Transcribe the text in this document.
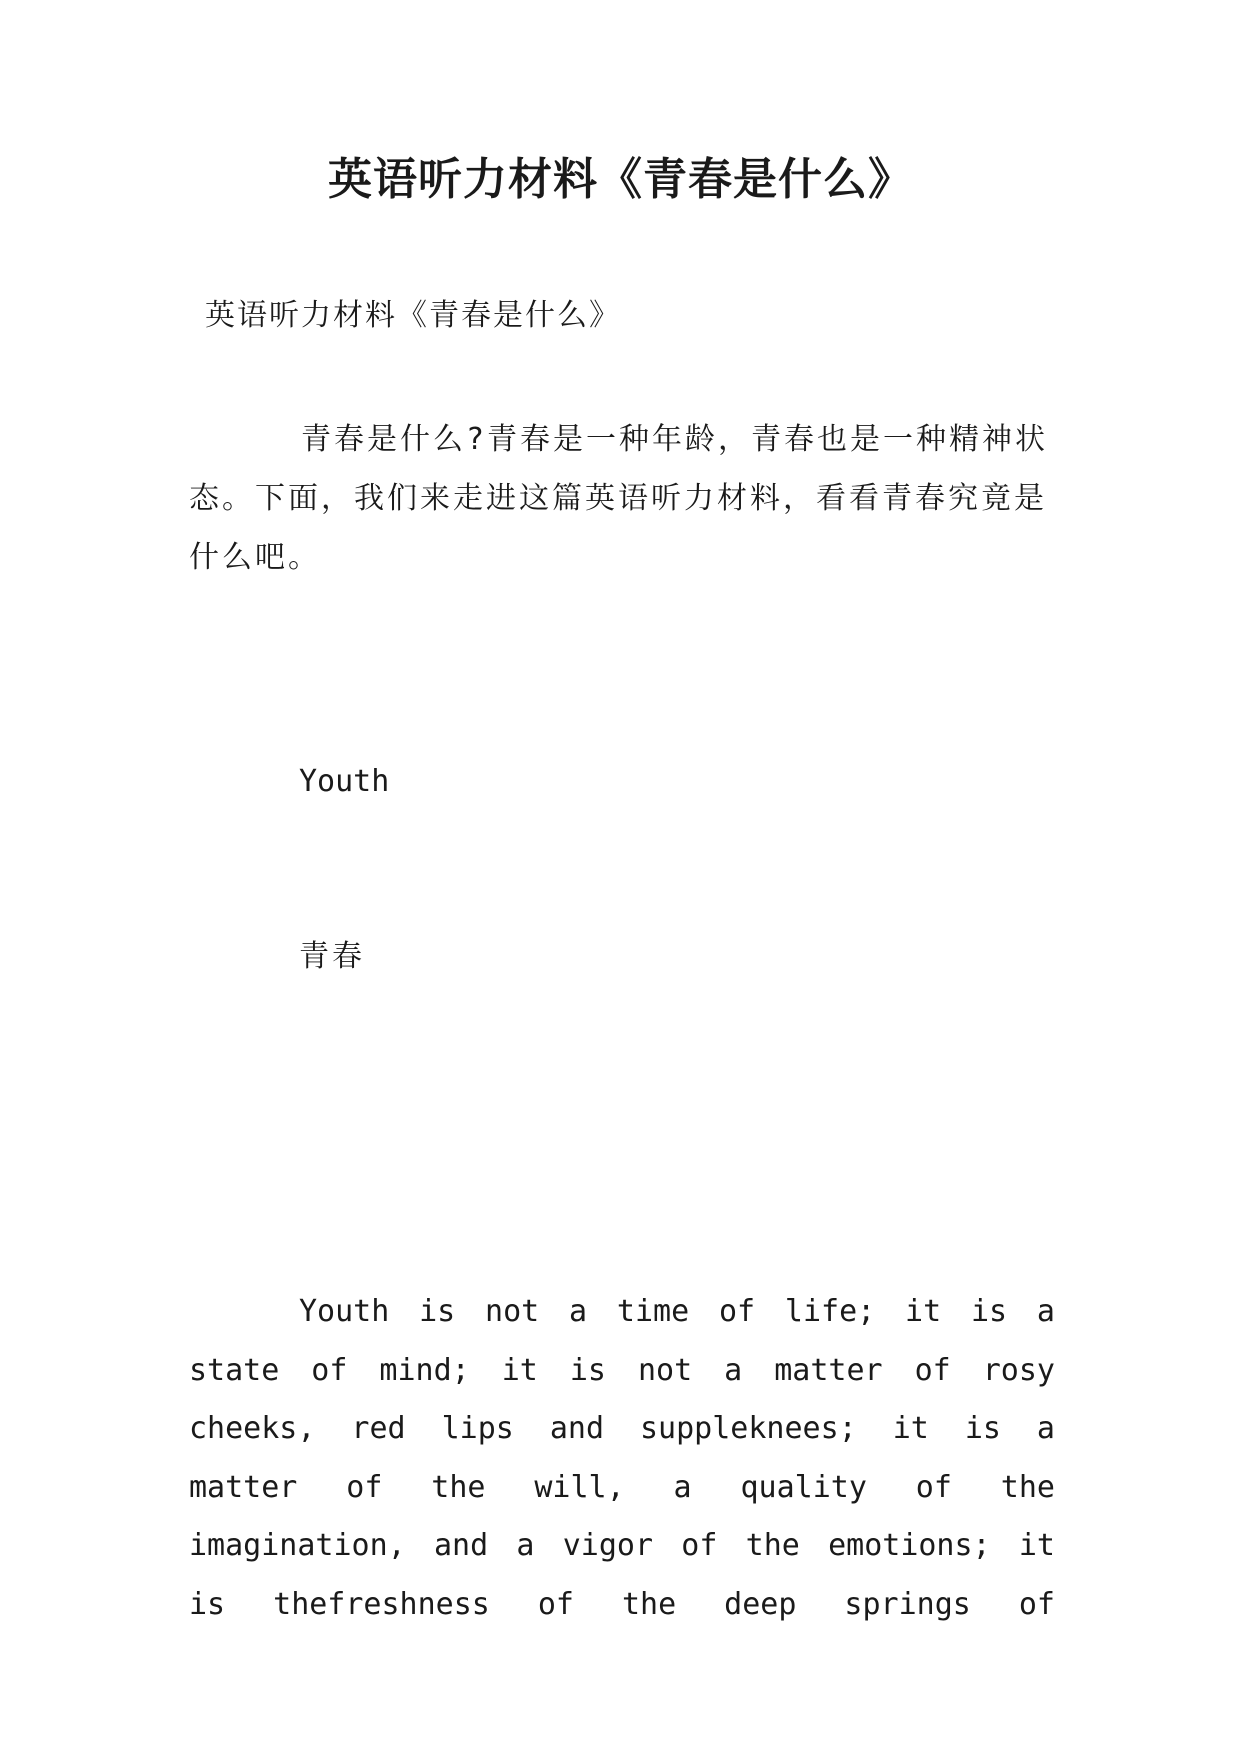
英语听力材料《青春是什么》

英语听力材料《青春是什么》

青春是什么?青春是一种年龄，青春也是一种精神状态。下面，我们来走进这篇英语听力材料，看看青春究竟是什么吧。

Youth

青春

Youth is not a time of life; it is a state of mind; it is not a matter of rosy cheeks, red lips and suppleknees; it is a matter of the will, a quality of the imagination, and a vigor of the emotions; it is thefreshness of the deep springs of
